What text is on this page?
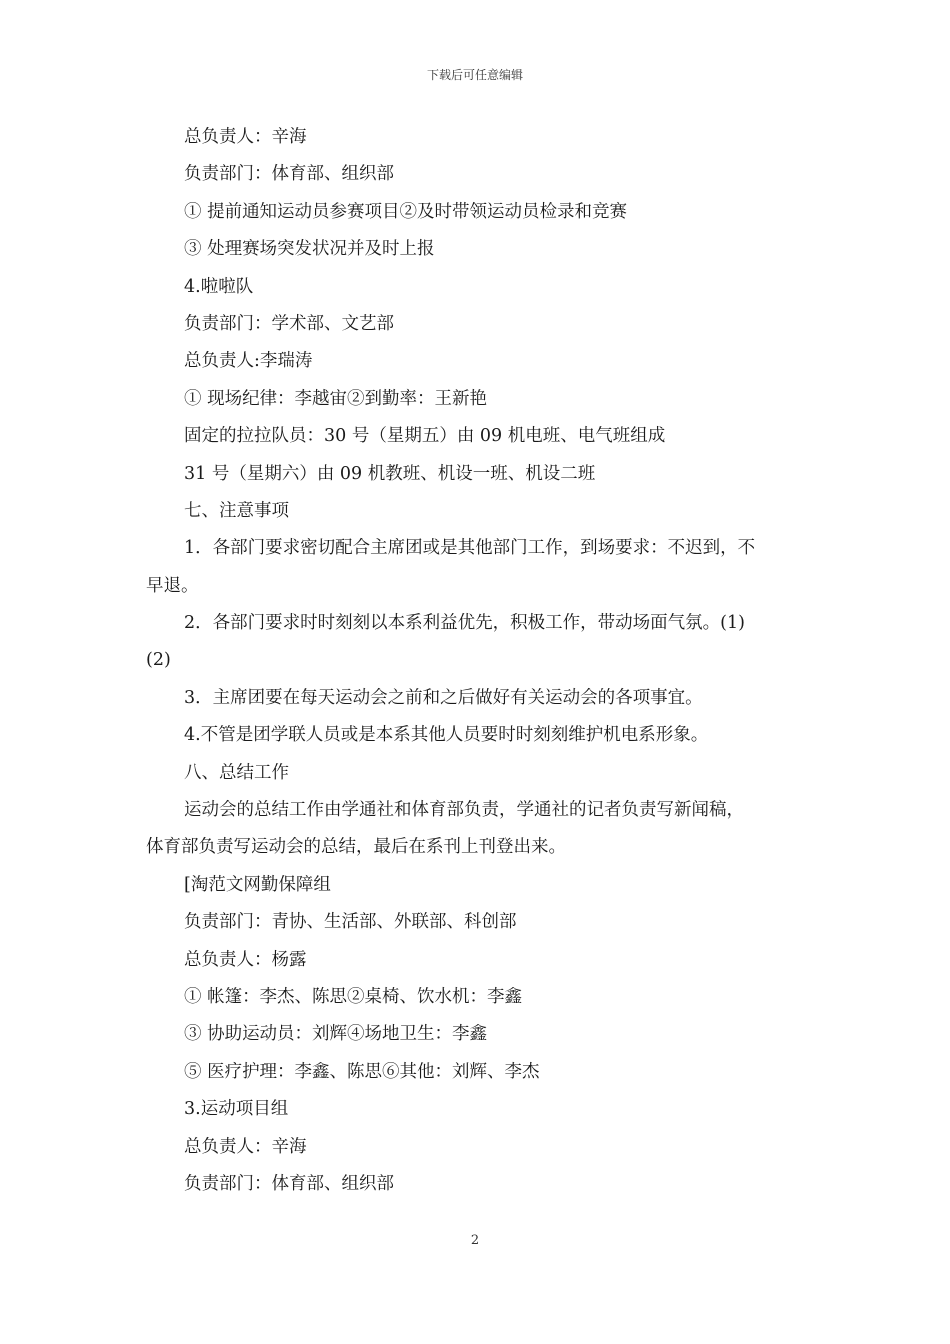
下载后可任意编辑
总负责人：辛海
负责部门：体育部、组织部
① 提前通知运动员参赛项目②及时带领运动员检录和竞赛
③ 处理赛场突发状况并及时上报
4.啦啦队
负责部门：学术部、文艺部
总负责人:李瑞涛
① 现场纪律：李越宙②到勤率：王新艳
固定的拉拉队员：30 号（星期五）由 09 机电班、电气班组成
31 号（星期六）由 09 机教班、机设一班、机设二班
七、注意事项
1．各部门要求密切配合主席团或是其他部门工作，到场要求：不迟到，不
早退。
2．各部门要求时时刻刻以本系利益优先，积极工作，带动场面气氛。(1)
(2)
3．主席团要在每天运动会之前和之后做好有关运动会的各项事宜。
4.不管是团学联人员或是本系其他人员要时时刻刻维护机电系形象。
八、总结工作
运动会的总结工作由学通社和体育部负责，学通社的记者负责写新闻稿，
体育部负责写运动会的总结，最后在系刊上刊登出来。
[淘范文网勤保障组
负责部门：青协、生活部、外联部、科创部
总负责人：杨露
① 帐篷：李杰、陈思②桌椅、饮水机：李鑫
③ 协助运动员：刘辉④场地卫生：李鑫
⑤ 医疗护理：李鑫、陈思⑥其他：刘辉、李杰
3.运动项目组
总负责人：辛海
负责部门：体育部、组织部
2
